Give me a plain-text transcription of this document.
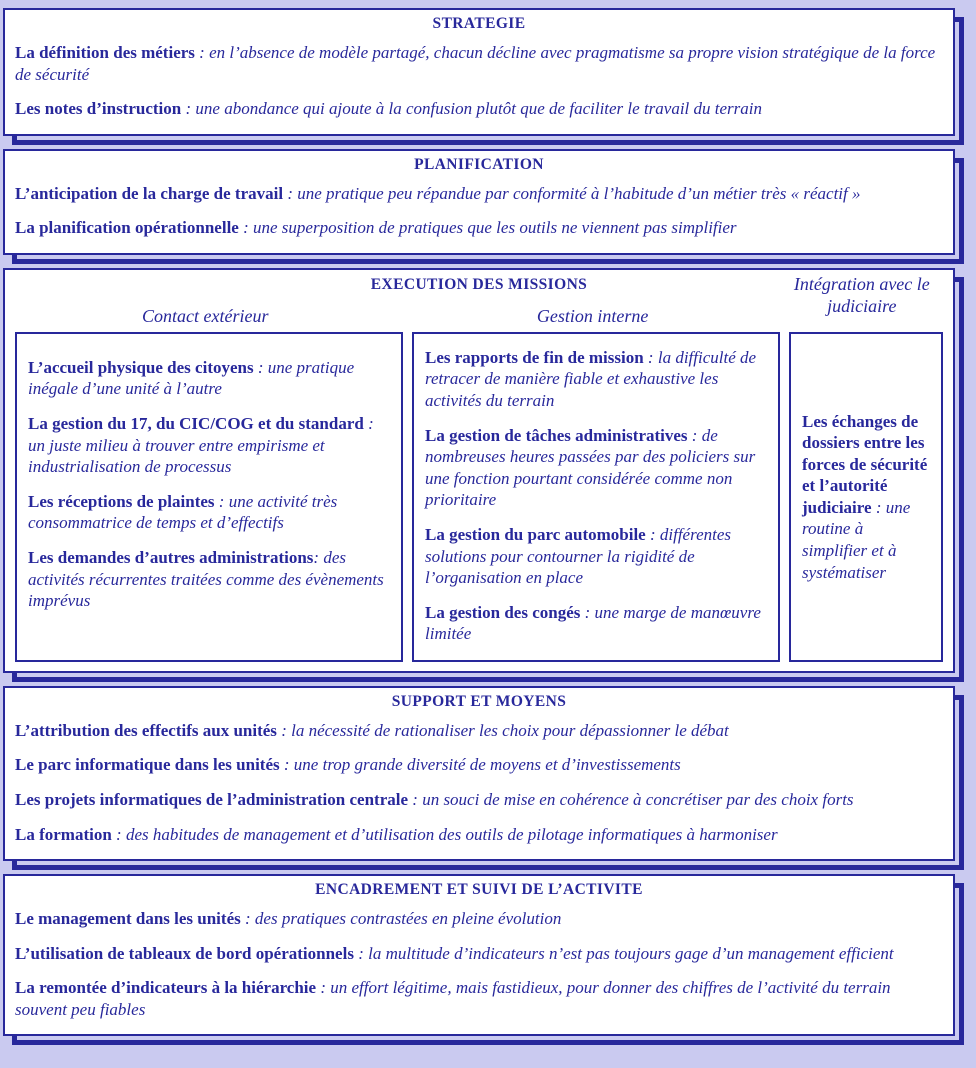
STRATEGIE

La définition des métiers : en l’absence de modèle partagé, chacun décline avec pragmatisme sa propre vision stratégique de la force de sécurité

Les notes d’instruction : une abondance qui ajoute à la confusion plutôt que de faciliter le travail du terrain

PLANIFICATION

L’anticipation de la charge de travail : une pratique peu répandue par conformité à l’habitude d’un métier très « réactif »

La planification opérationnelle : une superposition de pratiques que les outils ne viennent pas simplifier

EXECUTION DES MISSIONS
Contact extérieur	Gestion interne
Intégration avec le judiciaire

L’accueil physique des citoyens : une pratique inégale d’une unité à l’autre

La gestion du 17, du CIC/COG et du standard : un juste milieu à trouver entre empirisme et industrialisation de processus

Les réceptions de plaintes : une activité très consommatrice de temps et d’effectifs

Les demandes d’autres administrations: des activités récurrentes traitées comme des évènements imprévus

Les rapports de fin de mission : la difficulté de retracer de manière fiable et exhaustive les activités du terrain

La gestion de tâches administratives : de nombreuses heures passées par des policiers sur une fonction pourtant considérée comme non prioritaire

La gestion du parc automobile : différentes solutions pour contourner la rigidité de l’organisation en place

La gestion des congés : une marge de manœuvre limitée

Les échanges de dossiers entre les forces de sécurité et l’autorité judiciaire : une routine à simplifier et à systématiser

SUPPORT ET MOYENS

L’attribution des effectifs aux unités : la nécessité de rationaliser les choix pour dépassionner le débat

Le parc informatique dans les unités : une trop grande diversité de moyens et d’investissements

Les projets informatiques de l’administration centrale : un souci de mise en cohérence à concrétiser par des choix forts

La formation : des habitudes de management et d’utilisation des outils de pilotage informatiques à harmoniser

ENCADREMENT ET SUIVI DE L’ACTIVITE

Le management dans les unités : des pratiques contrastées en pleine évolution

L’utilisation de tableaux de bord opérationnels : la multitude d’indicateurs n’est pas toujours gage d’un management efficient

La remontée d’indicateurs à la hiérarchie : un effort légitime, mais fastidieux, pour donner des chiffres de l’activité du terrain souvent peu fiables
